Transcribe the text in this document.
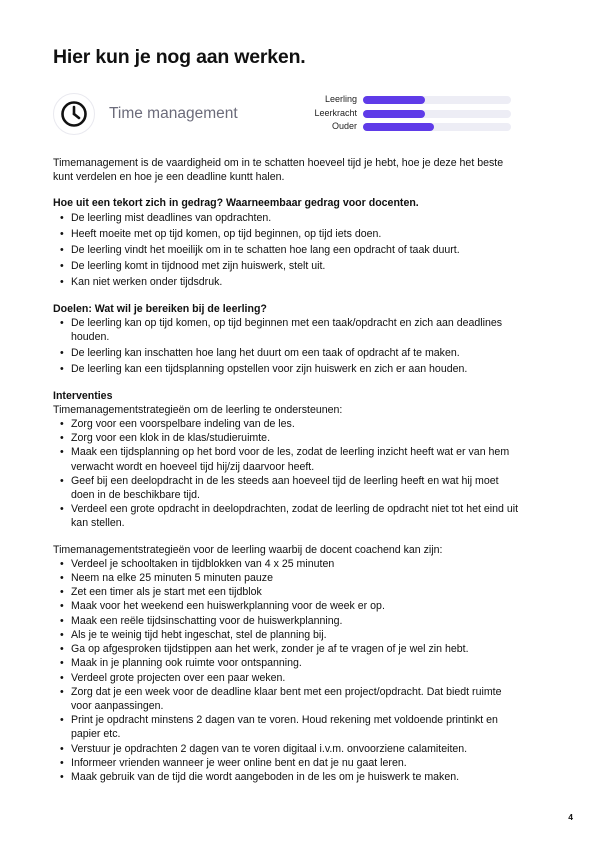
Hier kun je nog aan werken.
Time management
Leerling
Leerkracht
Ouder

Timemanagement is de vaardigheid om in te schatten hoeveel tijd je hebt, hoe je deze het beste kunt verdelen en hoe je een deadline kuntt halen.

Hoe uit een tekort zich in gedrag? Waarneembaar gedrag voor docenten.

• De leerling mist deadlines van opdrachten.
• Heeft moeite met op tijd komen, op tijd beginnen, op tijd iets doen.
• De leerling vindt het moeilijk om in te schatten hoe lang een opdracht of taak duurt.
• De leerling komt in tijdnood met zijn huiswerk, stelt uit.
• Kan niet werken onder tijdsdruk.

Doelen: Wat wil je bereiken bij de leerling?

• De leerling kan op tijd komen, op tijd beginnen met een taak/opdracht en zich aan deadlines houden.
• De leerling kan inschatten hoe lang het duurt om een taak of opdracht af te maken.
• De leerling kan een tijdsplanning opstellen voor zijn huiswerk en zich er aan houden.

Interventies

Timemanagementstrategieën om de leerling te ondersteunen:

• Zorg voor een voorspelbare indeling van de les.
• Zorg voor een klok in de klas/studieruimte.
• Maak een tijdsplanning op het bord voor de les, zodat de leerling inzicht heeft wat er van hem verwacht wordt en hoeveel tijd hij/zij daarvoor heeft.
• Geef bij een deelopdracht in de les steeds aan hoeveel tijd de leerling heeft en wat hij moet doen in de beschikbare tijd.
• Verdeel een grote opdracht in deelopdrachten, zodat de leerling de opdracht niet tot het eind uit kan stellen.

Timemanagementstrategieën voor de leerling waarbij de docent coachend kan zijn:

• Verdeel je schooltaken in tijdblokken van 4 x 25 minuten
• Neem na elke 25 minuten 5 minuten pauze
• Zet een timer als je start met een tijdblok
• Maak voor het weekend een huiswerkplanning voor de week er op.
• Maak een reële tijdsinschatting voor de huiswerkplanning.
• Als je te weinig tijd hebt ingeschat, stel de planning bij.
• Ga op afgesproken tijdstippen aan het werk, zonder je af te vragen of je wel zin hebt.
• Maak in je planning ook ruimte voor ontspanning.
• Verdeel grote projecten over een paar weken.
• Zorg dat je een week voor de deadline klaar bent met een project/opdracht. Dat biedt ruimte voor aanpassingen.
• Print je opdracht minstens 2 dagen van te voren. Houd rekening met voldoende printinkt en papier etc.
• Verstuur je opdrachten 2 dagen van te voren digitaal i.v.m. onvoorziene calamiteiten.
• Informeer vrienden wanneer je weer online bent en dat je nu gaat leren.
• Maak gebruik van de tijd die wordt aangeboden in de les om je huiswerk te maken.
4
